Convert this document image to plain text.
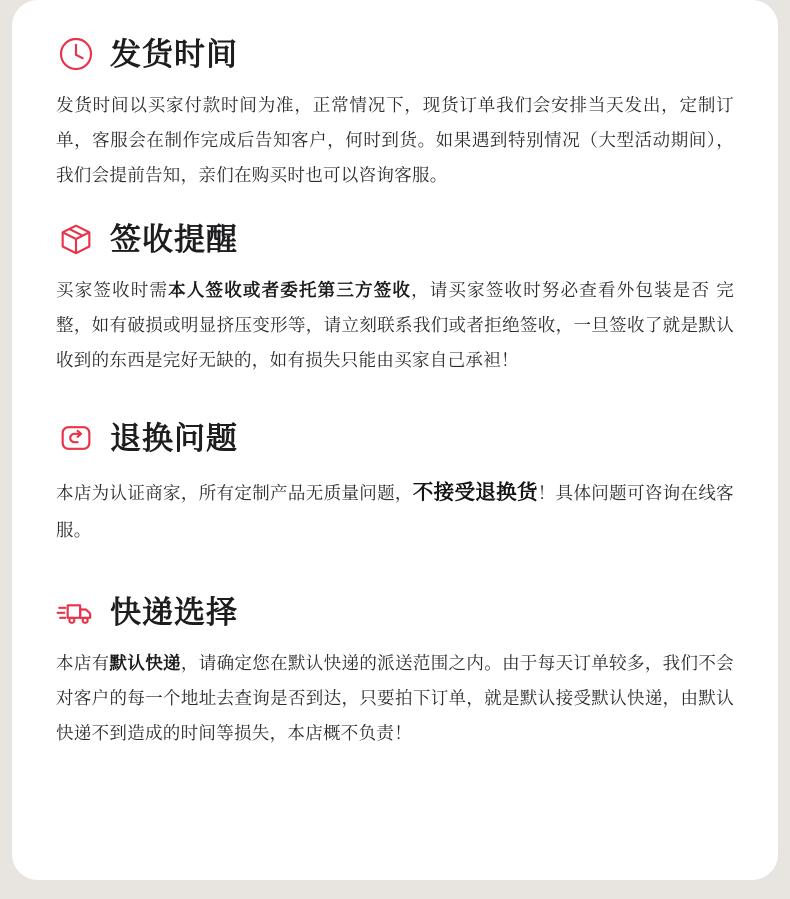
发货时间

发货时间以买家付款时间为准，正常情况下，现货订单我们会安排当天发出，定制订单，客服会在制作完成后告知客户，何时到货。如果遇到特别情况（大型活动期间），我们会提前告知，亲们在购买时也可以咨询客服。

签收提醒

买家签收时需本人签收或者委托第三方签收，请买家签收时努必查看外包装是否 完整，如有破损或明显挤压变形等，请立刻联系我们或者拒绝签收，一旦签收了就是默认收到的东西是完好无缺的，如有损失只能由买家自己承袒！

退换问题

本店为认证商家，所有定制产品无质量问题，不接受退换货！具体问题可咨询在线客服。

快递选择

本店有默认快递，请确定您在默认快递的派送范围之内。由于每天订单较多，我们不会对客户的每一个地址去查询是否到达，只要拍下订单，就是默认接受默认快递，由默认快递不到造成的时间等损失，本店概不负责！
